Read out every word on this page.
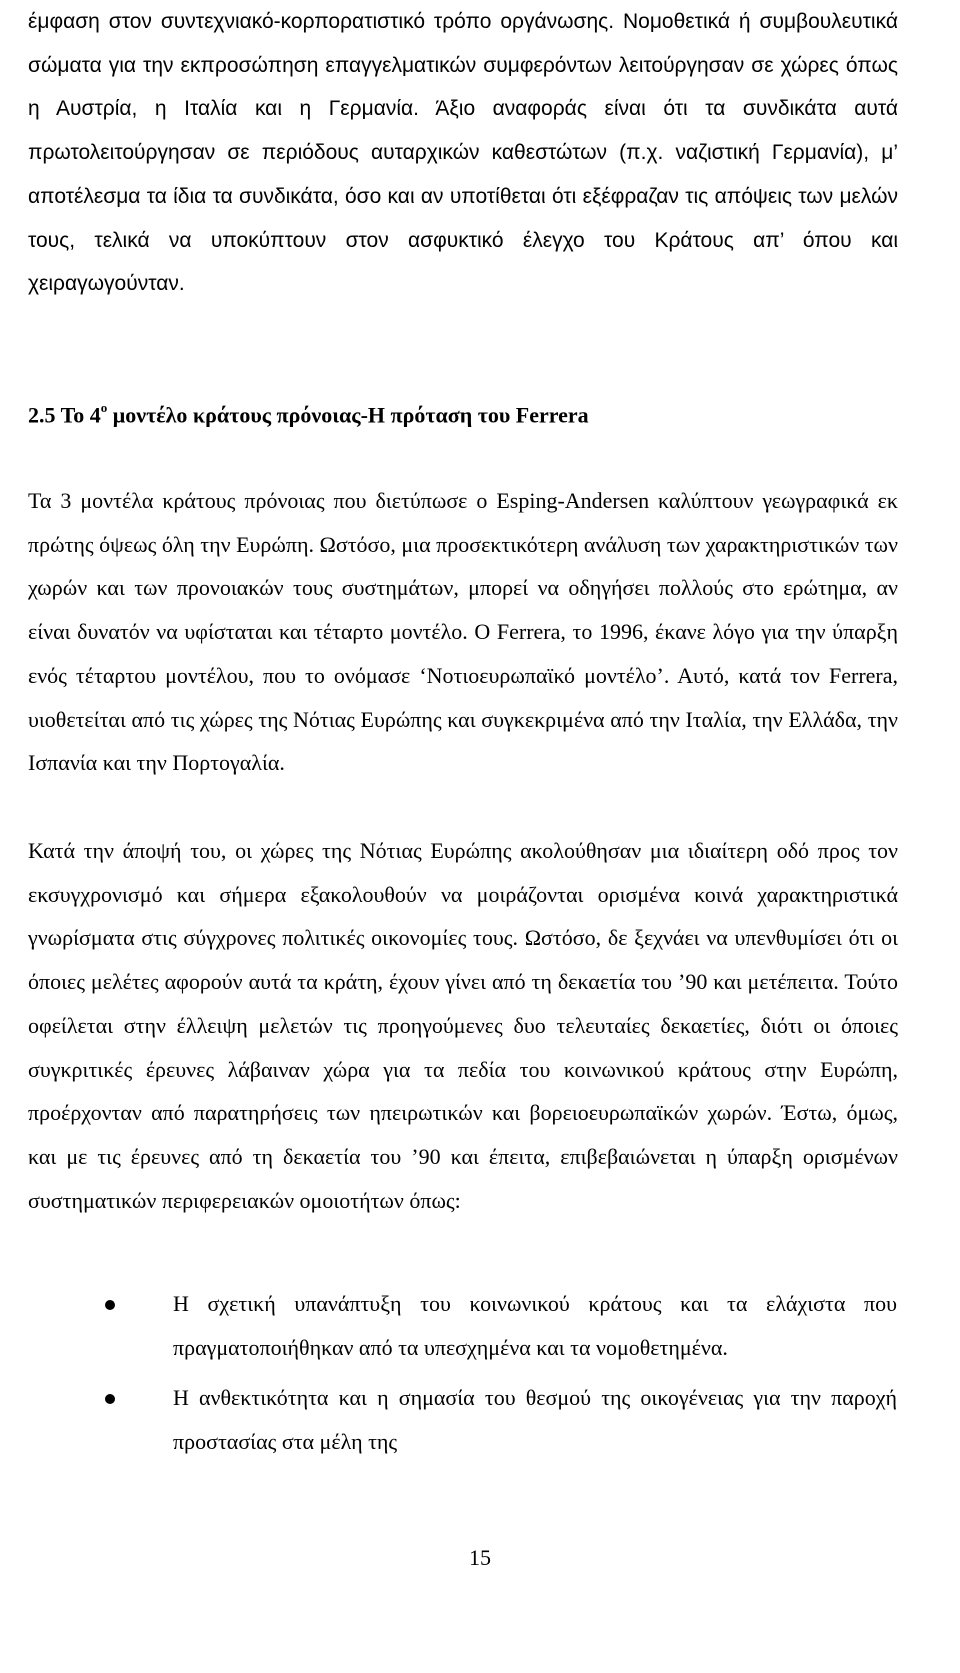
έμφαση στον συντεχνιακό-κορπορατιστικό τρόπο οργάνωσης. Νομοθετικά ή συμβουλευτικά σώματα για την εκπροσώπηση επαγγελματικών συμφερόντων λειτούργησαν σε χώρες όπως η Αυστρία, η Ιταλία και η Γερμανία. Άξιο αναφοράς είναι ότι τα συνδικάτα αυτά πρωτολειτούργησαν σε περιόδους αυταρχικών καθεστώτων (π.χ. ναζιστική Γερμανία), μ’ αποτέλεσμα τα ίδια τα συνδικάτα, όσο και αν υποτίθεται ότι εξέφραζαν τις απόψεις των μελών τους, τελικά να υποκύπτουν στον ασφυκτικό έλεγχο του Κράτους απ’ όπου και χειραγωγούνταν.

2.5 Το $4^o$ μοντέλο κράτους πρόνοιας-Η πρόταση του Ferrera

Τα 3 μοντέλα κράτους πρόνοιας που διετύπωσε ο Esping-Andersen καλύπτουν γεωγραφικά εκ πρώτης όψεως όλη την Ευρώπη. Ωστόσο, μια προσεκτικότερη ανάλυση των χαρακτηριστικών των χωρών και των προνοιακών τους συστημάτων, μπορεί να οδηγήσει πολλούς στο ερώτημα, αν είναι δυνατόν να υφίσταται και τέταρτο μοντέλο. Ο Ferrera, το 1996, έκανε λόγο για την ύπαρξη ενός τέταρτου μοντέλου, που το ονόμασε ‘Νοτιοευρωπαϊκό μοντέλο’. Αυτό, κατά τον Ferrera, υιοθετείται από τις χώρες της Νότιας Ευρώπης και συγκεκριμένα από την Ιταλία, την Ελλάδα, την Ισπανία και την Πορτογαλία.

Κατά την άποψή του, οι χώρες της Νότιας Ευρώπης ακολούθησαν μια ιδιαίτερη οδό προς τον εκσυγχρονισμό και σήμερα εξακολουθούν να μοιράζονται ορισμένα κοινά χαρακτηριστικά γνωρίσματα στις σύγχρονες πολιτικές οικονομίες τους. Ωστόσο, δε ξεχνάει να υπενθυμίσει ότι οι όποιες μελέτες αφορούν αυτά τα κράτη, έχουν γίνει από τη δεκαετία του ’90 και μετέπειτα. Τούτο οφείλεται στην έλλειψη μελετών τις προηγούμενες δυο τελευταίες δεκαετίες, διότι οι όποιες συγκριτικές έρευνες λάβαιναν χώρα για τα πεδία του κοινωνικού κράτους στην Ευρώπη, προέρχονταν από παρατηρήσεις των ηπειρωτικών και βορειοευρωπαϊκών χωρών. Έστω, όμως, και με τις έρευνες από τη δεκαετία του ’90 και έπειτα, επιβεβαιώνεται η ύπαρξη ορισμένων συστηματικών περιφερειακών ομοιοτήτων όπως:

Η σχετική υπανάπτυξη του κοινωνικού κράτους και τα ελάχιστα που πραγματοποιήθηκαν από τα υπεσχημένα και τα νομοθετημένα.

Η ανθεκτικότητα και η σημασία του θεσμού της οικογένειας για την παροχή προστασίας στα μέλη της

15
